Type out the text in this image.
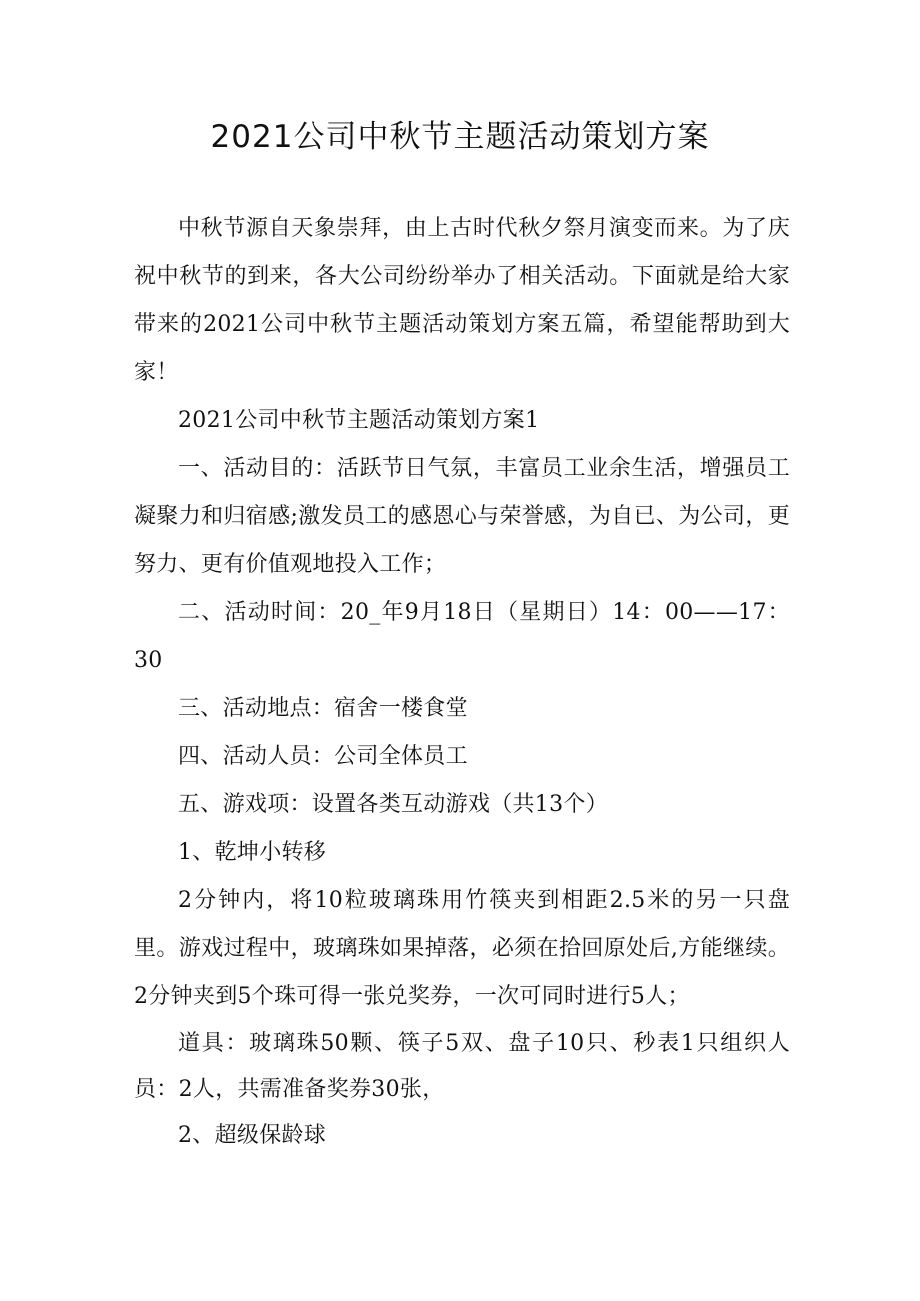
2021公司中秋节主题活动策划方案

中秋节源自天象崇拜，由上古时代秋夕祭月演变而来。为了庆祝中秋节的到来，各大公司纷纷举办了相关活动。下面就是给大家带来的2021公司中秋节主题活动策划方案五篇，希望能帮助到大家！

2021公司中秋节主题活动策划方案1

一、活动目的：活跃节日气氛，丰富员工业余生活，增强员工凝聚力和归宿感;激发员工的感恩心与荣誉感，为自已、为公司，更努力、更有价值观地投入工作；

二、活动时间：20_年9月18日（星期日）14：00——17：30

三、活动地点：宿舍一楼食堂

四、活动人员：公司全体员工

五、游戏项：设置各类互动游戏（共13个）

1、乾坤小转移

2分钟内，将10粒玻璃珠用竹筷夹到相距2.5米的另一只盘里。游戏过程中，玻璃珠如果掉落，必须在拾回原处后,方能继续。2分钟夹到5个珠可得一张兑奖券，一次可同时进行5人；

道具：玻璃珠50颗、筷子5双、盘子10只、秒表1只组织人员：2人，共需准备奖券30张，

2、超级保龄球
